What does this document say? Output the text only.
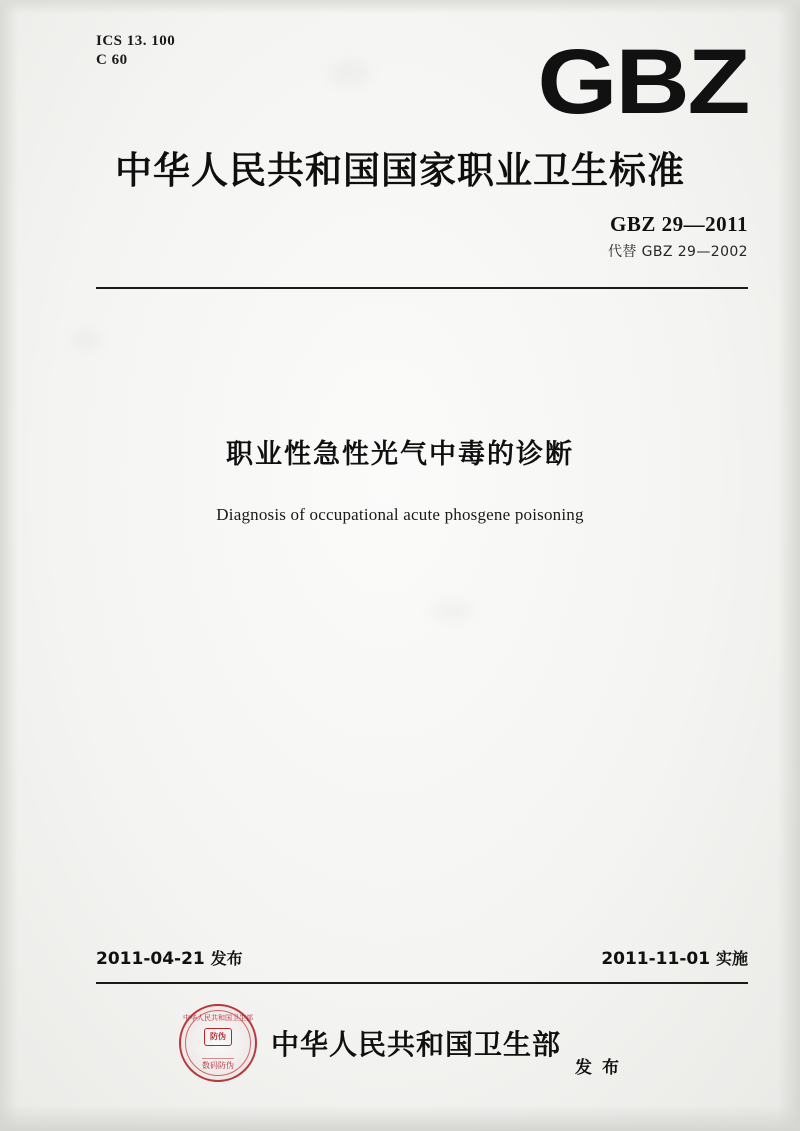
ICS 13. 100
C 60	GBZ
中华人民共和国国家职业卫生标准
GBZ 29—2011
代替 GBZ 29—2002
职业性急性光气中毒的诊断
Diagnosis of occupational acute phosgene poisoning
2011-04-21 发布	2011-11-01 实施
中华人民共和国卫生部
防伪
数码防伪
中华人民共和国卫生部
发 布
